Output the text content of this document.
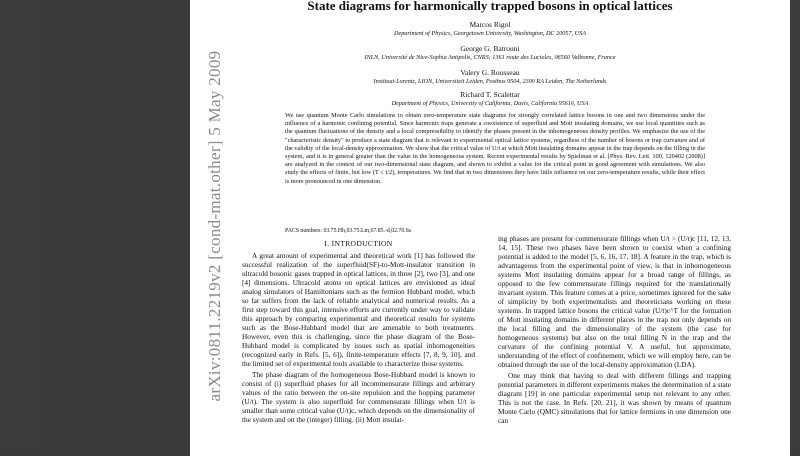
State diagrams for harmonically trapped bosons in optical lattices
Marcos Rigol
Department of Physics, Georgetown University, Washington, DC 20057, USA
George G. Batrouni
INLN, Université de Nice-Sophia Antipolis, CNRS; 1361 route des Lucioles, 06560 Valbonne, France
Valery G. Rousseau
Instituut-Lorentz, LION, Universiteit Leiden, Postbus 9504, 2300 RA Leiden, The Netherlands
Richard T. Scalettar
Department of Physics, University of California, Davis, California 95616, USA
We use quantum Monte Carlo simulations to obtain zero-temperature state diagrams for strongly correlated lattice bosons in one and two dimensions under the influence of a harmonic confining potential. Since harmonic traps generate a coexistence of superfluid and Mott insulating domains, we use local quantities such as the quantum fluctuations of the density and a local compressibility to identify the phases present in the inhomogeneous density profiles. We emphasize the use of the "characteristic density" to produce a state diagram that is relevant to experimental optical lattice systems, regardless of the number of bosons or trap curvature and of the validity of the local-density approximation. We show that the critical value of U/t at which Mott insulating domains appear in the trap depends on the filling in the system, and it is in general greater than the value in the homogeneous system. Recent experimental results by Spielman et al. [Phys. Rev. Lett. 100, 120402 (2008)] are analyzed in the context of our two-dimensional state diagram, and shown to exhibit a value for the critical point in good agreement with simulations. We also study the effects of finite, but low (T ≤ t/2), temperatures. We find that in two dimensions they have little influence on our zero-temperature results, while their effect is more pronounced in one dimension.
PACS numbers: 03.75.Hh,03.75.Lm,67.85.-d,02.70.Ss
I. INTRODUCTION

A great amount of experimental and theoretical work [1] has followed the successful realization of the superfluid(SF)-to-Mott-insulator transition in ultracold bosonic gases trapped in optical lattices, in three [2], two [3], and one [4] dimensions. Ultracold atoms on optical lattices are envisioned as ideal analog simulators of Hamiltonians such as the fermion Hubbard model, which so far suffers from the lack of reliable analytical and numerical results. As a first step toward this goal, intensive efforts are currently under way to validate this approach by comparing experimental and theoretical results for systems such as the Bose-Hubbard model that are amenable to both treatments. However, even this is challenging, since the phase diagram of the Bose-Hubbard model is complicated by issues such as spatial inhomogeneities (recognized early in Refs. [5, 6]), finite-temperature effects [7, 8, 9, 10], and the limited set of experimental tools available to characterize those systems.

The phase diagram of the homogeneous Bose-Hubbard model is known to consist of (i) superfluid phases for all incommensurate fillings and arbitrary values of the ratio between the on-site repulsion and the hopping parameter (U/t). The system is also superfluid for commensurate fillings when U/t is smaller than some critical value (U/t)c, which depends on the dimensionality of the system and on the (integer) filling. (ii) Mott insulat-

ing phases are present for commensurate fillings when U/t > (U/t)c [11, 12, 13, 14, 15]. These two phases have been shown to coexist when a confining potential is added to the model [5, 6, 16, 17, 18]. A feature in the trap, which is advantageous from the experimental point of view, is that in inhomogeneous systems Mott insulating domains appear for a broad range of fillings, as opposed to the few commensurate fillings required for the translationally invariant system. This feature comes at a price, sometimes ignored for the sake of simplicity by both experimentalists and theoreticians working on these systems. In trapped lattice bosons the critical value (U/t)c^T for the formation of Mott insulating domains in different places in the trap not only depends on the local filling and the dimensionality of the system (the case for homogeneous systems) but also on the total filling N in the trap and the curvature of the confining potential V. A useful, but approximate, understanding of the effect of confinement, which we will employ here, can be obtained through the use of the local-density approximation (LDA).

One may think that having to deal with different fillings and trapping potential parameters in different experiments makes the determination of a state diagram [19] in one particular experimental setup not relevant to any other. This is not the case. In Refs. [20, 21], it was shown by means of quantum Monte Carlo (QMC) simulations that for lattice fermions in one dimension one can

arXiv:0811.2219v2 [cond-mat.other] 5 May 2009
